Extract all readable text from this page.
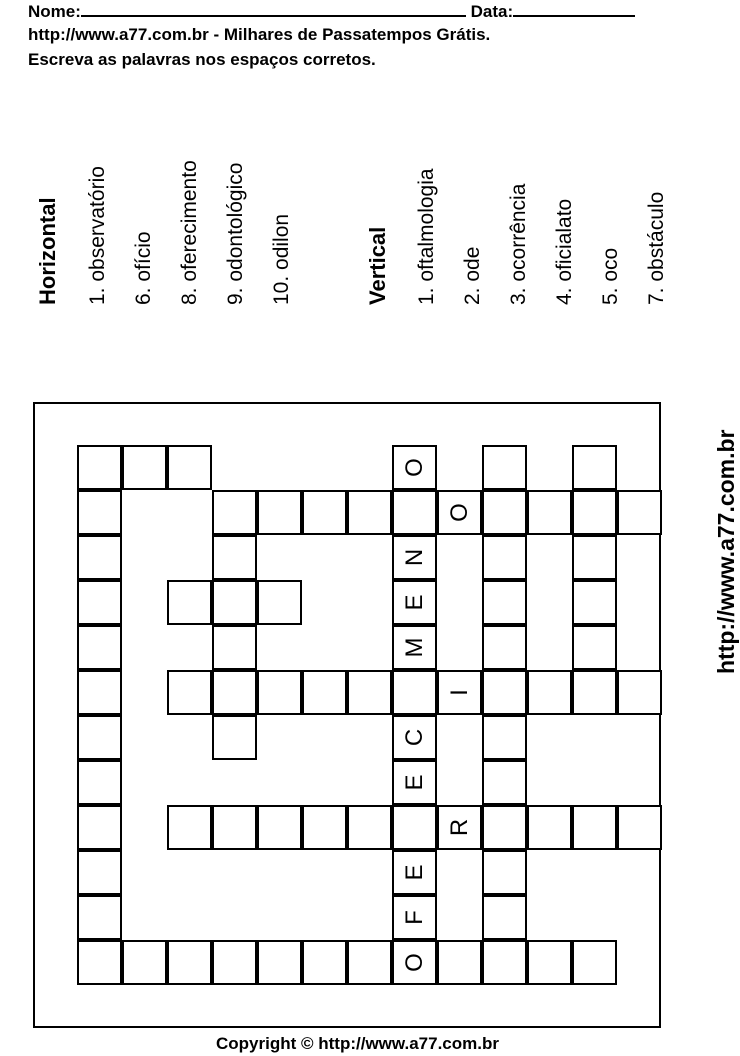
Nome:	Data:
http://www.a77.com.br - Milhares de Passatempos Grátis.
Escreva as palavras nos espaços corretos.
Horizontal 1. observatório 6. ofício 8. oferecimento 9. odontológico 10. odilon	Vertical 1. oftalmologia 2. ode 3. ocorrência 4. oficialato 5. oco 7. obstáculo
O
O
N
E
M
I
C
E
R
E
F
O
http://www.a77.com.br
Copyright © http://www.a77.com.br
